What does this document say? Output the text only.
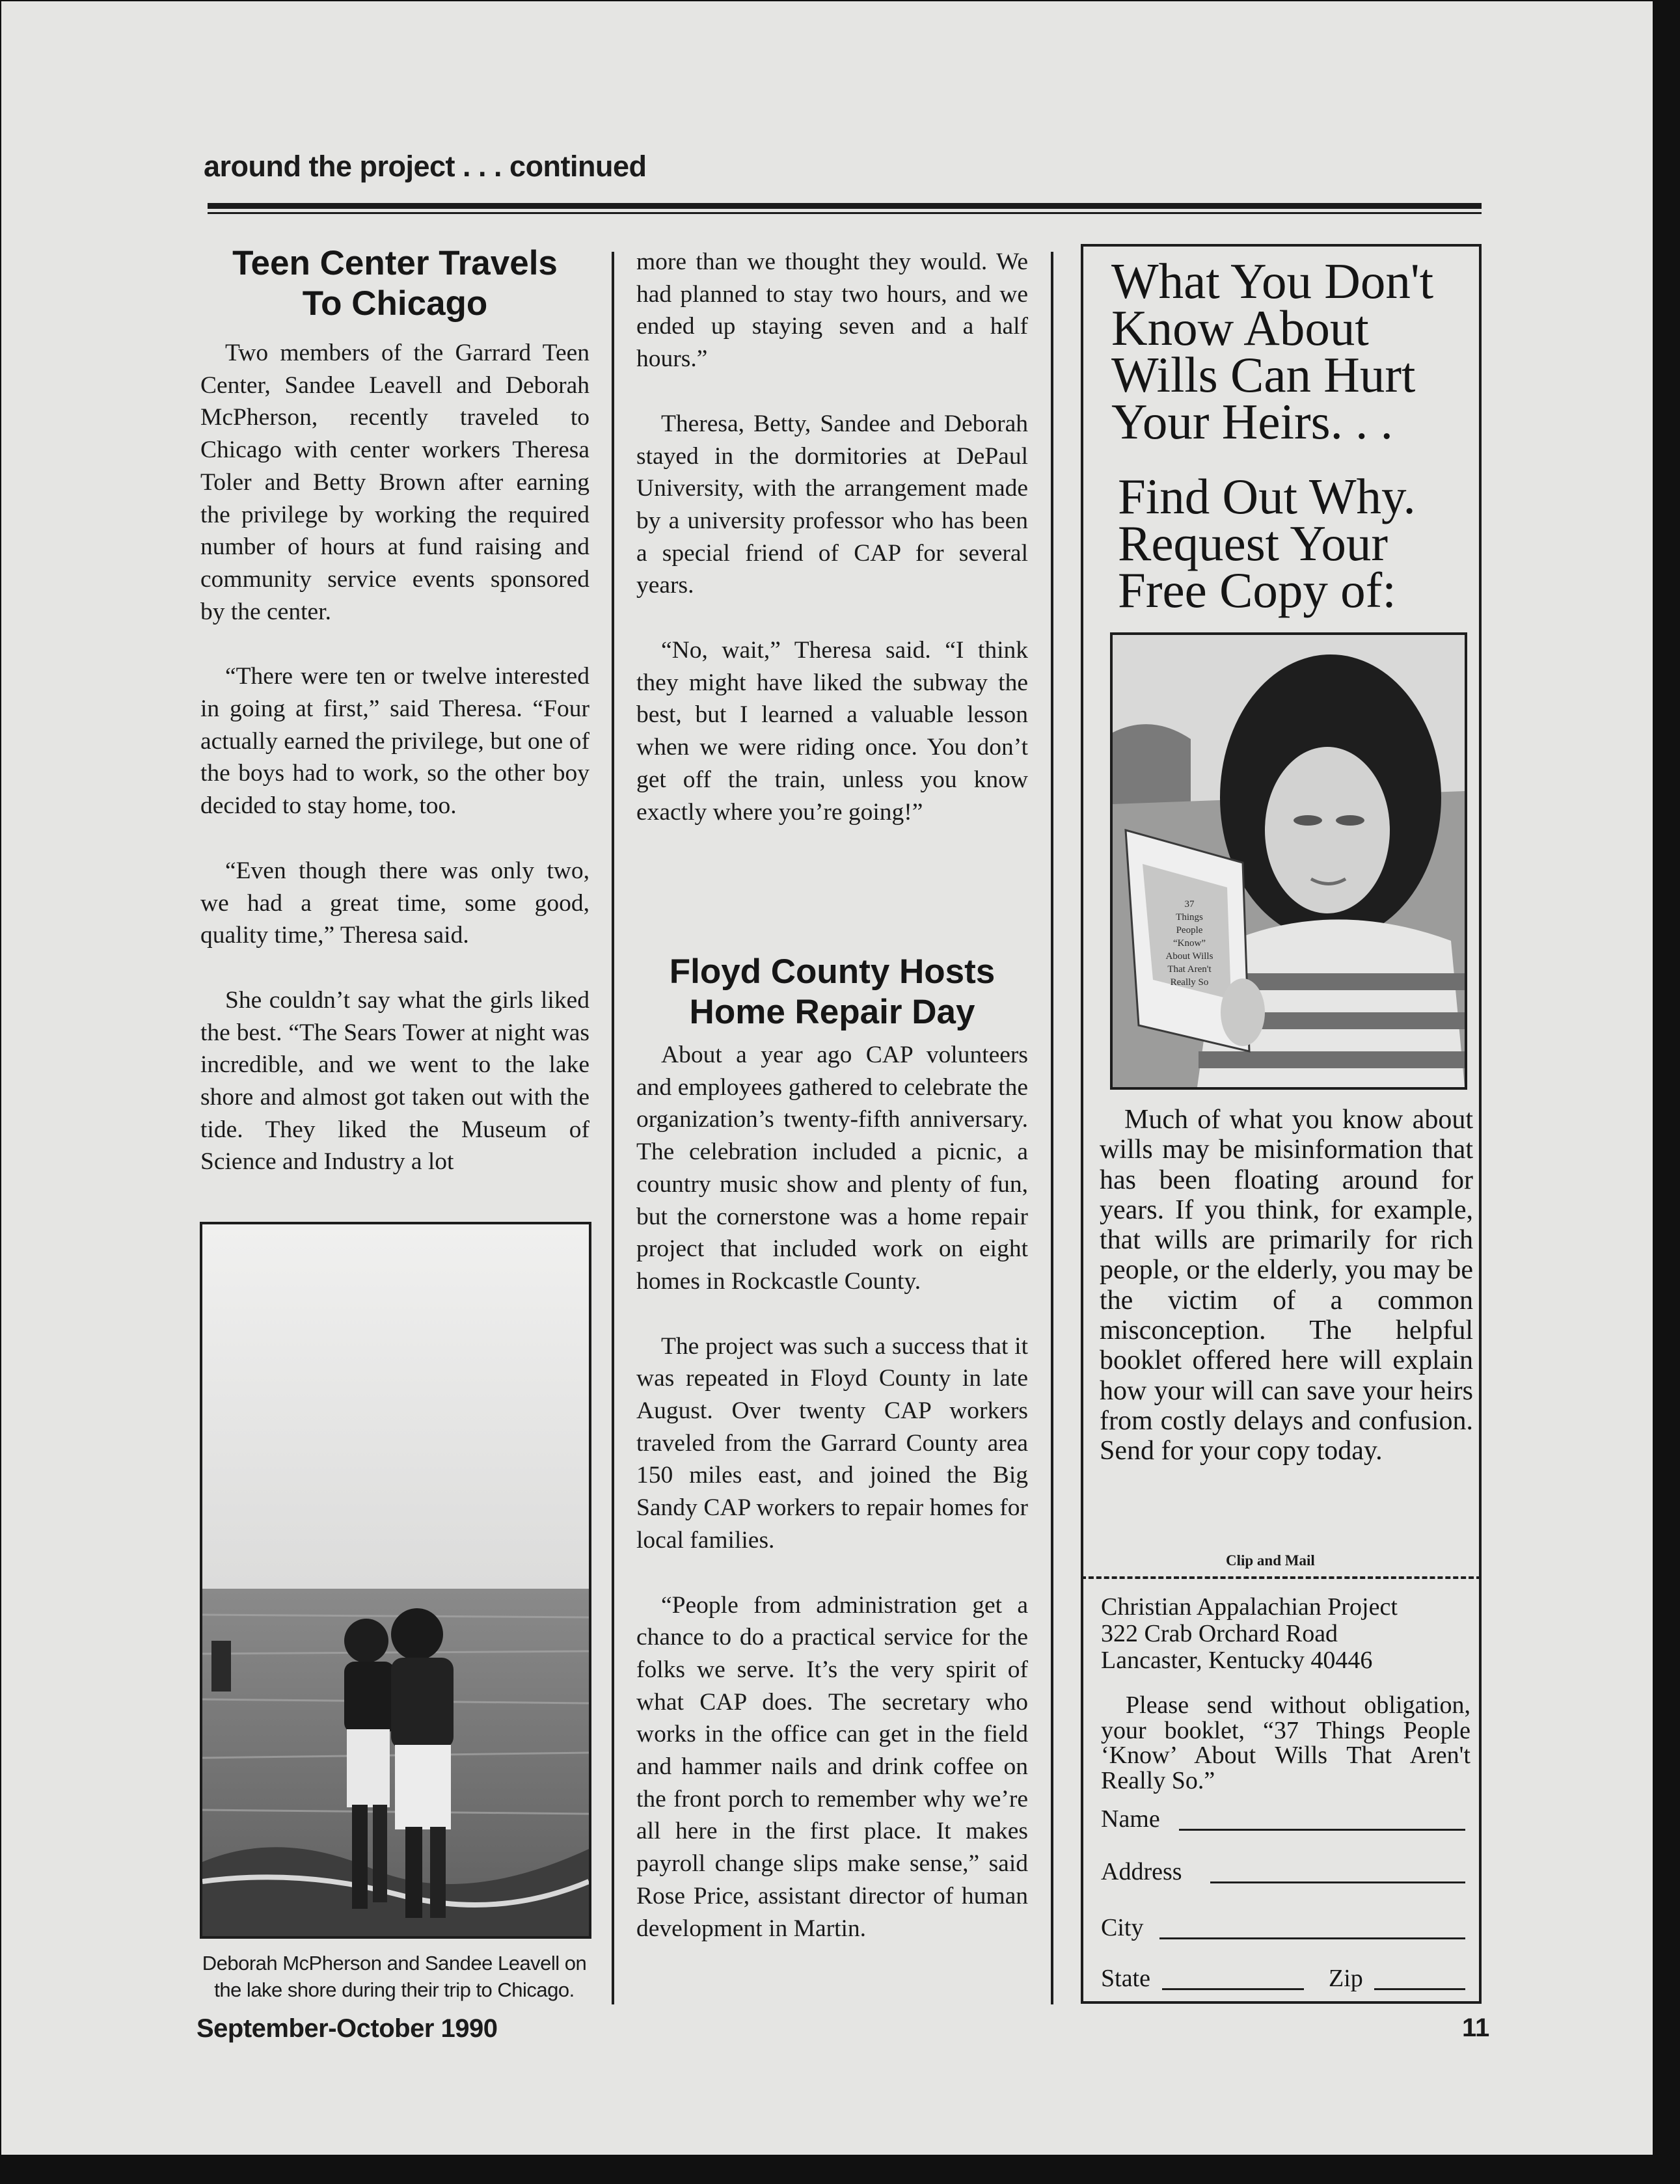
around the project . . . continued
Teen Center Travels
To Chicago

Two members of the Garrard Teen Center, Sandee Leavell and Deborah McPherson, recently traveled to Chicago with center workers Theresa Toler and Betty Brown after earning the privilege by working the required number of hours at fund raising and community service events sponsored by the center.

“There were ten or twelve interested in going at first,” said Theresa. “Four actually earned the privilege, but one of the boys had to work, so the other boy decided to stay home, too.

“Even though there was only two, we had a great time, some good, quality time,” Theresa said.

She couldn’t say what the girls liked the best. “The Sears Tower at night was incredible, and we went to the lake shore and almost got taken out with the tide. They liked the Museum of Science and Industry a lot

Deborah McPherson and Sandee Leavell on the lake shore during their trip to Chicago.

more than we thought they would. We had planned to stay two hours, and we ended up staying seven and a half hours.”

Theresa, Betty, Sandee and Deborah stayed in the dormitories at DePaul University, with the arrangement made by a university professor who has been a special friend of CAP for several years.

“No, wait,” Theresa said. “I think they might have liked the subway the best, but I learned a valuable lesson when we were riding once. You don’t get off the train, unless you know exactly where you’re going!”

Floyd County Hosts
Home Repair Day

About a year ago CAP volunteers and employees gathered to celebrate the organization’s twenty-fifth anniversary. The celebration included a picnic, a country music show and plenty of fun, but the cornerstone was a home repair project that included work on eight homes in Rockcastle County.

The project was such a success that it was repeated in Floyd County in late August. Over twenty CAP workers traveled from the Garrard County area 150 miles east, and joined the Big Sandy CAP workers to repair homes for local families.

“People from administration get a chance to do a practical service for the folks we serve. It’s the very spirit of what CAP does. The secretary who works in the office can get in the field and hammer nails and drink coffee on the front porch to remember why we’re all here in the first place. It makes payroll change slips make sense,” said Rose Price, assistant director of human development in Martin.

What You Don't

Know About

Wills Can Hurt

Your Heirs. . .

Find Out Why.

Request Your

Free Copy of:

37
Things
People
“Know”
About Wills
That Aren't
Really So

Much of what you know about wills may be misinformation that has been floating around for years. If you think, for example, that wills are primarily for rich people, or the elderly, you may be the victim of a common misconception. The helpful booklet offered here will explain how your will can save your heirs from costly delays and confusion. Send for your copy today.

Clip and Mail
Christian Appalachian Project
322 Crab Orchard Road
Lancaster, Kentucky 40446

Please send without obligation, your booklet, “37 Things People ‘Know’ About Wills That Aren't Really So.”

Name
Address
City
State	Zip
September-October 1990	11
